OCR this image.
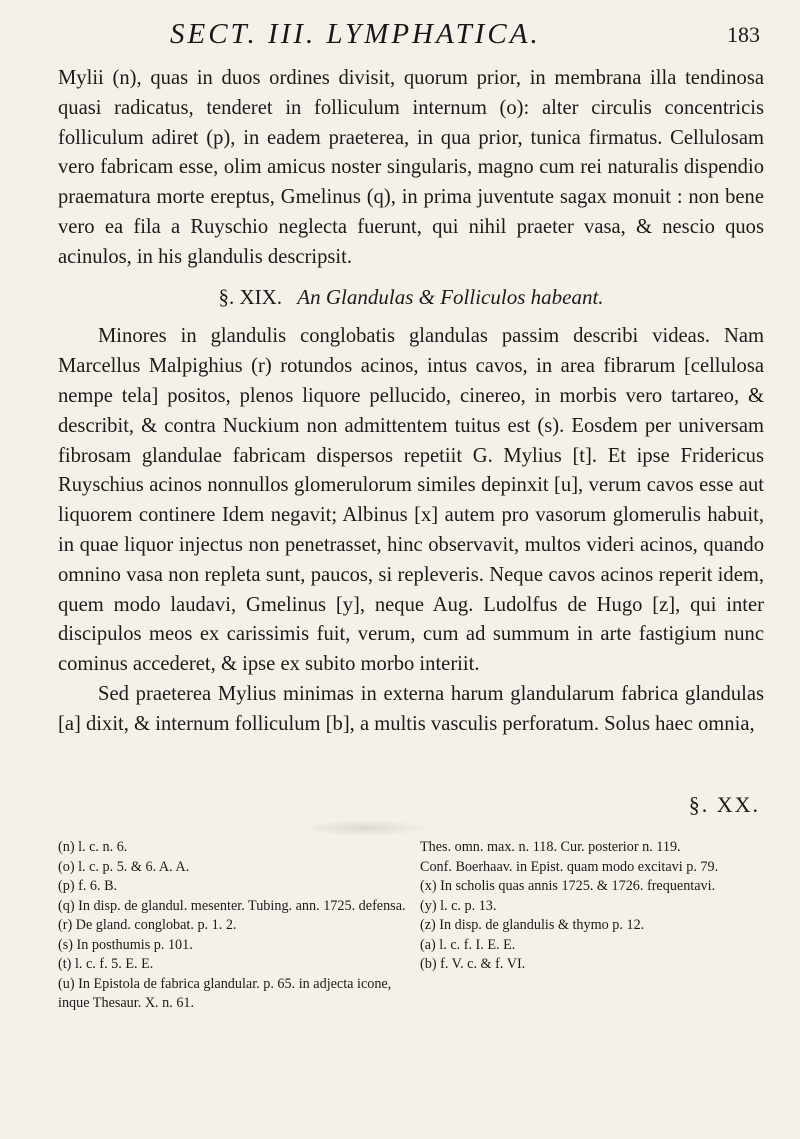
SECT. III. LYMPHATICA.	183

Mylii (n), quas in duos ordines divisit, quorum prior, in membrana illa tendinosa quasi radicatus, tenderet in folliculum internum (o): alter circulis concentricis folliculum adiret (p), in eadem praeterea, in qua prior, tunica firmatus. Cellulosam vero fabricam esse, olim amicus noster singularis, magno cum rei naturalis dispendio praematura morte ereptus, Gmelinus (q), in prima juventute sagax monuit : non bene vero ea fila a Ruyschio neglecta fuerunt, qui nihil praeter vasa, & nescio quos acinulos, in his glandulis descripsit.

§. XIX. An Glandulas & Folliculos habeant.

Minores in glandulis conglobatis glandulas passim describi videas. Nam Marcellus Malpighius (r) rotundos acinos, intus cavos, in area fibrarum [cellulosa nempe tela] positos, plenos liquore pellucido, cinereo, in morbis vero tartareo, & describit, & contra Nuckium non admittentem tuitus est (s). Eosdem per universam fibrosam glandulae fabricam dispersos repetiit G. Mylius [t]. Et ipse Fridericus Ruyschius acinos nonnullos glomerulorum similes depinxit [u], verum cavos esse aut liquorem continere Idem negavit; Albinus [x] autem pro vasorum glomerulis habuit, in quae liquor injectus non penetrasset, hinc observavit, multos videri acinos, quando omnino vasa non repleta sunt, paucos, si repleveris. Neque cavos acinos reperit idem, quem modo laudavi, Gmelinus [y], neque Aug. Ludolfus de Hugo [z], qui inter discipulos meos ex carissimis fuit, verum, cum ad summum in arte fastigium nunc cominus accederet, & ipse ex subito morbo interiit.

Sed praeterea Mylius minimas in externa harum glandularum fabrica glandulas [a] dixit, & internum folliculum [b], a multis vasculis perforatum. Solus haec omnia,

§. XX.

(n) l. c. n. 6.

(o) l. c. p. 5. & 6. A. A.

(p) f. 6. B.

(q) In disp. de glandul. mesenter. Tubing. ann. 1725. defensa.

(r) De gland. conglobat. p. 1. 2.

(s) In posthumis p. 101.

(t) l. c. f. 5. E. E.

(u) In Epistola de fabrica glandular. p. 65. in adjecta icone, inque Thesaur. X. n. 61.

Thes. omn. max. n. 118. Cur. posterior n. 119.

Conf. Boerhaav. in Epist. quam modo excitavi p. 79.

(x) In scholis quas annis 1725. & 1726. frequentavi.

(y) l. c. p. 13.

(z) In disp. de glandulis & thymo p. 12.

(a) l. c. f. I. E. E.

(b) f. V. c. & f. VI.
